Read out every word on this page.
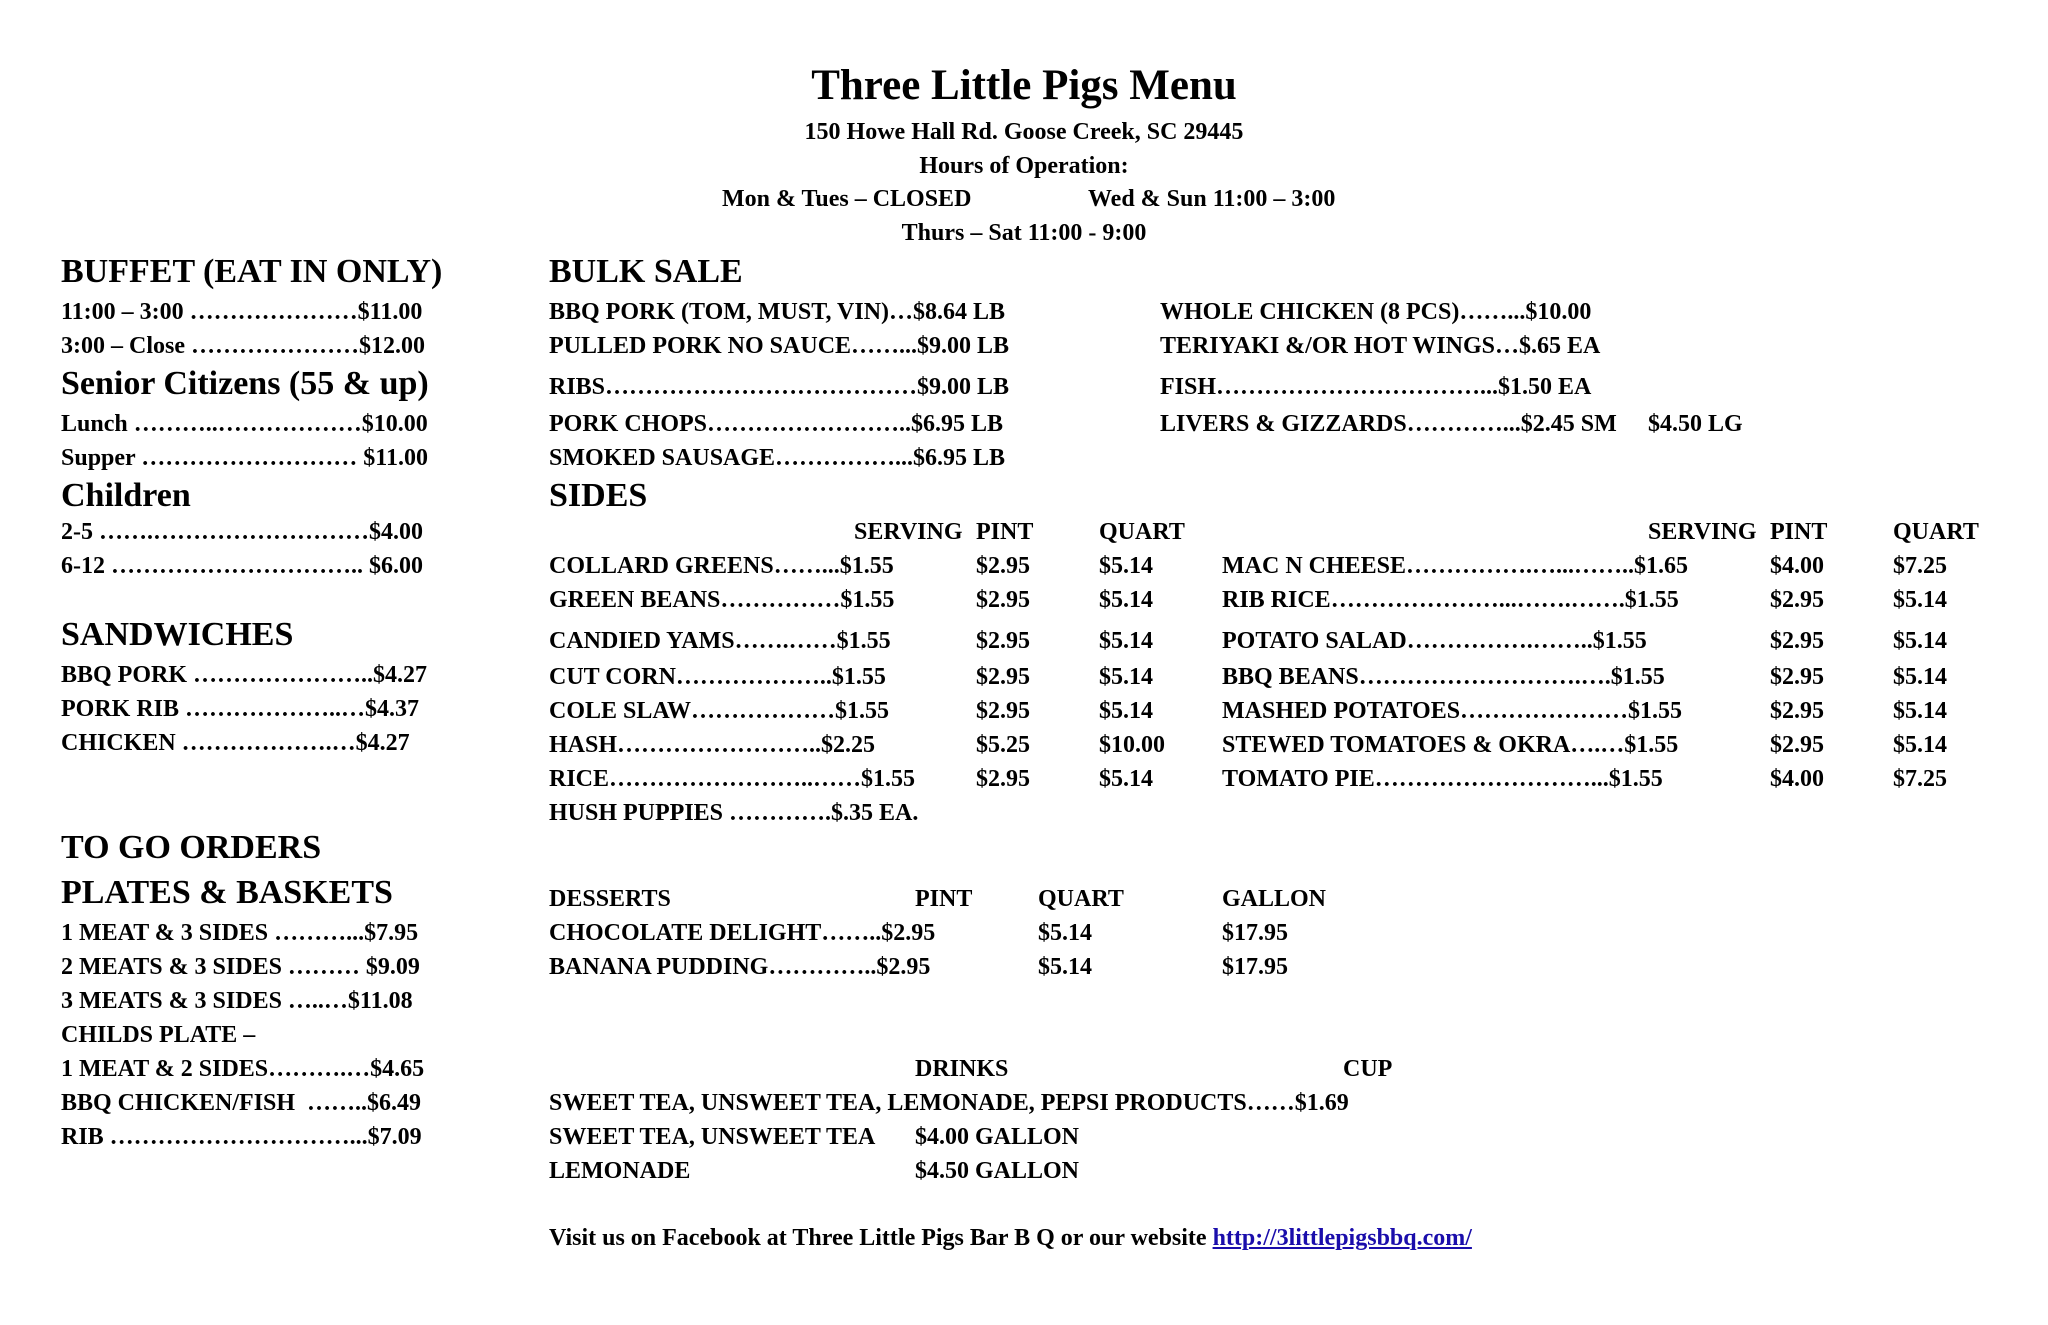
Three Little Pigs Menu
150 Howe Hall Rd. Goose Creek, SC 29445
Hours of Operation:
Mon & Tues – CLOSED	Wed & Sun 11:00 – 3:00
Thurs – Sat 11:00 - 9:00
BUFFET (EAT IN ONLY)
11:00 – 3:00 …………………$11.00
3:00 – Close …………………$12.00
Senior Citizens (55 & up)
Lunch ………..………………$10.00
Supper ……………………… $11.00
Children
2-5 …….………………………$4.00
6-12 ………………………….. $6.00
SANDWICHES
BBQ PORK …………………..$4.27
PORK RIB ………………..…$4.37
CHICKEN ……………….…$4.27
TO GO ORDERS
PLATES & BASKETS
1 MEAT & 3 SIDES ………...$7.95
2 MEATS & 3 SIDES ……… $9.09
3 MEATS & 3 SIDES …..…$11.08
CHILDS PLATE –
1 MEAT & 2 SIDES……….…$4.65
BBQ CHICKEN/FISH  ……..$6.49
RIB …………………………...$7.09
BULK SALE
BBQ PORK (TOM, MUST, VIN)…$8.64 LB
PULLED PORK NO SAUCE……...$9.00 LB
RIBS…………………………………$9.00 LB
PORK CHOPS……………………..$6.95 LB
SMOKED SAUSAGE……………...$6.95 LB
WHOLE CHICKEN (8 PCS)……...$10.00
TERIYAKI &/OR HOT WINGS…$.65 EA
FISH……………………………...$1.50 EA
LIVERS & GIZZARDS…………...$2.45 SM $4.50 LG
SIDES
SERVING PINT	QUART	SERVING PINT	QUART
COLLARD GREENS……...$1.55	$2.95	$5.14
GREEN BEANS……………$1.55	$2.95	$5.14
CANDIED YAMS…….……$1.55	$2.95	$5.14
CUT CORN………………..$1.55	$2.95	$5.14
COLE SLAW………………$1.55	$2.95	$5.14
HASH……………………..$2.25	$5.25	$10.00
RICE……………………..……$1.55	$2.95	$5.14
HUSH PUPPIES ………….$.35 EA.
MAC N CHEESE…………….…...……..$1.65	$4.00	$7.25
RIB RICE…………………...…….…….$1.55	$2.95	$5.14
POTATO SALAD…………….……..$1.55	$2.95	$5.14
BBQ BEANS……………………….….$1.55	$2.95	$5.14
MASHED POTATOES…………………$1.55	$2.95	$5.14
STEWED TOMATOES & OKRA….…$1.55	$2.95	$5.14
TOMATO PIE………………………...$1.55	$4.00	$7.25
DESSERTS	PINT	QUART	GALLON
CHOCOLATE DELIGHT……..$2.95	$5.14	$17.95
BANANA PUDDING…………..$2.95	$5.14	$17.95
DRINKS	CUP
SWEET TEA, UNSWEET TEA, LEMONADE, PEPSI PRODUCTS……$1.69
SWEET TEA, UNSWEET TEA $4.00 GALLON
LEMONADE	$4.50 GALLON
Visit us on Facebook at Three Little Pigs Bar B Q or our website http://3littlepigsbbq.com/
